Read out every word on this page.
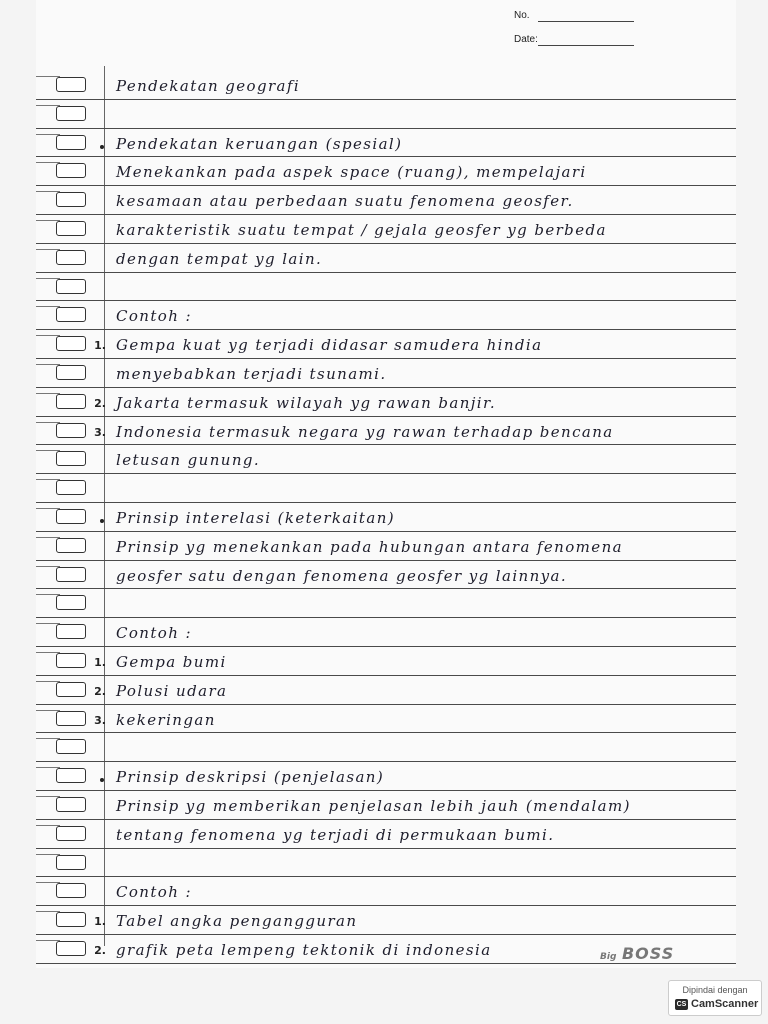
No.
Date:
Pendekatan geografi
Pendekatan keruangan (spesial)
Menekankan pada aspek space (ruang), mempelajari
kesamaan atau perbedaan suatu fenomena geosfer.
karakteristik suatu tempat / gejala geosfer yg berbeda
dengan tempat yg lain.
Contoh :
1. Gempa kuat yg terjadi didasar samudera hindia
menyebabkan terjadi tsunami.
2. Jakarta termasuk wilayah yg rawan banjir.
3. Indonesia termasuk negara yg rawan terhadap bencana
letusan gunung.
Prinsip interelasi (keterkaitan)
Prinsip yg menekankan pada hubungan antara fenomena
geosfer satu dengan fenomena geosfer yg lainnya.
Contoh :
1. Gempa bumi
2. Polusi udara
3. kekeringan
Prinsip deskripsi (penjelasan)
Prinsip yg memberikan penjelasan lebih jauh (mendalam)
tentang fenomena yg terjadi di permukaan bumi.
Contoh :
1. Tabel angka pengangguran
2. grafik peta lempeng tektonik di indonesia	Big BOSS
Dipindai dengan
CS CamScanner
